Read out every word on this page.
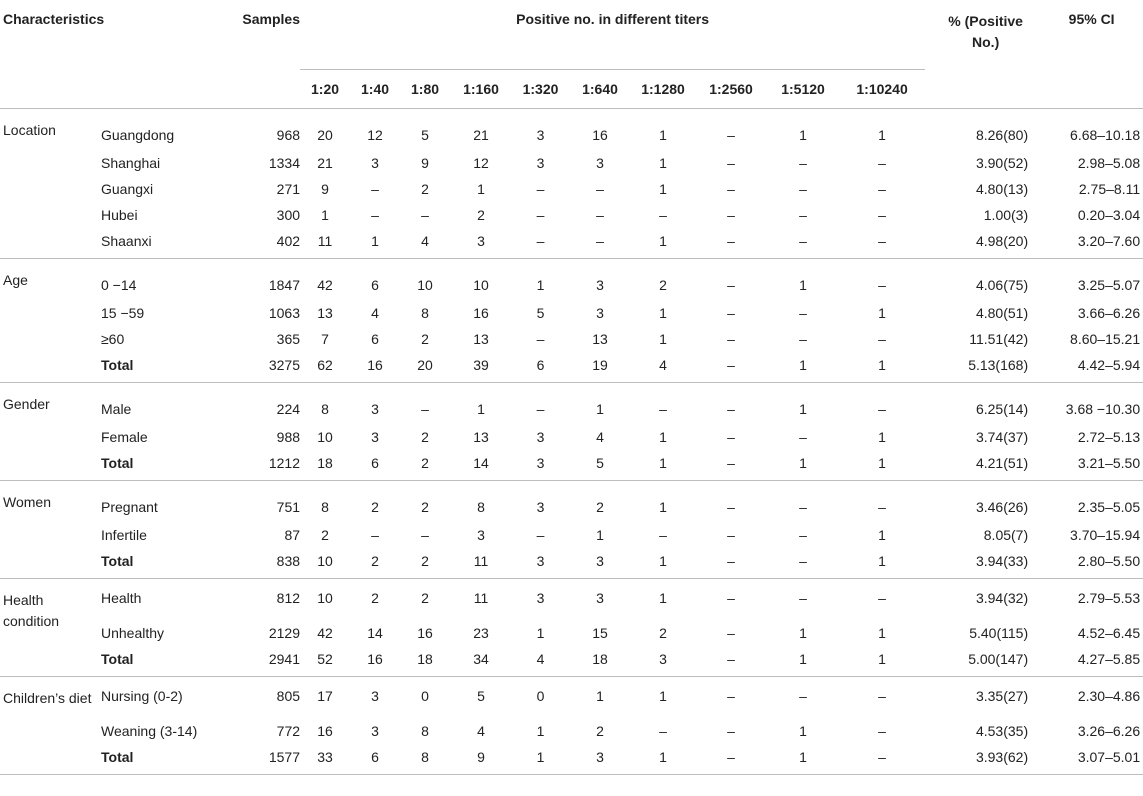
Characteristics		Samples	Positive no. in different titers										% (Positive No.)	95% CI
			1:20	1:40	1:80	1:160	1:320	1:640	1:1280	1:2560	1:5120	1:10240		
Location	Guangdong	968	20	12	5	21	3	16	1	–	1	1	8.26(80)	6.68–10.18
	Shanghai	1334	21	3	9	12	3	3	1	–	–	–	3.90(52)	2.98–5.08
	Guangxi	271	9	–	2	1	–	–	1	–	–	–	4.80(13)	2.75–8.11
	Hubei	300	1	–	–	2	–	–	–	–	–	–	1.00(3)	0.20–3.04
	Shaanxi	402	11	1	4	3	–	–	1	–	–	–	4.98(20)	3.20–7.60
Age	0 −14	1847	42	6	10	10	1	3	2	–	1	–	4.06(75)	3.25–5.07
	15 −59	1063	13	4	8	16	5	3	1	–	–	1	4.80(51)	3.66–6.26
	≥60	365	7	6	2	13	–	13	1	–	–	–	11.51(42)	8.60–15.21
	Total	3275	62	16	20	39	6	19	4	–	1	1	5.13(168)	4.42–5.94
Gender	Male	224	8	3	–	1	–	1	–	–	1	–	6.25(14)	3.68 −10.30
	Female	988	10	3	2	13	3	4	1	–	–	1	3.74(37)	2.72–5.13
	Total	1212	18	6	2	14	3	5	1	–	1	1	4.21(51)	3.21–5.50
Women	Pregnant	751	8	2	2	8	3	2	1	–	–	–	3.46(26)	2.35–5.05
	Infertile	87	2	–	–	3	–	1	–	–	–	1	8.05(7)	3.70–15.94
	Total	838	10	2	2	11	3	3	1	–	–	1	3.94(33)	2.80–5.50
Health condition	Health	812	10	2	2	11	3	3	1	–	–	–	3.94(32)	2.79–5.53
	Unhealthy	2129	42	14	16	23	1	15	2	–	1	1	5.40(115)	4.52–6.45
	Total	2941	52	16	18	34	4	18	3	–	1	1	5.00(147)	4.27–5.85
Children’s diet	Nursing (0-2)	805	17	3	0	5	0	1	1	–	–	–	3.35(27)	2.30–4.86
	Weaning (3-14)	772	16	3	8	4	1	2	–	–	1	–	4.53(35)	3.26–6.26
	Total	1577	33	6	8	9	1	3	1	–	1	–	3.93(62)	3.07–5.01
